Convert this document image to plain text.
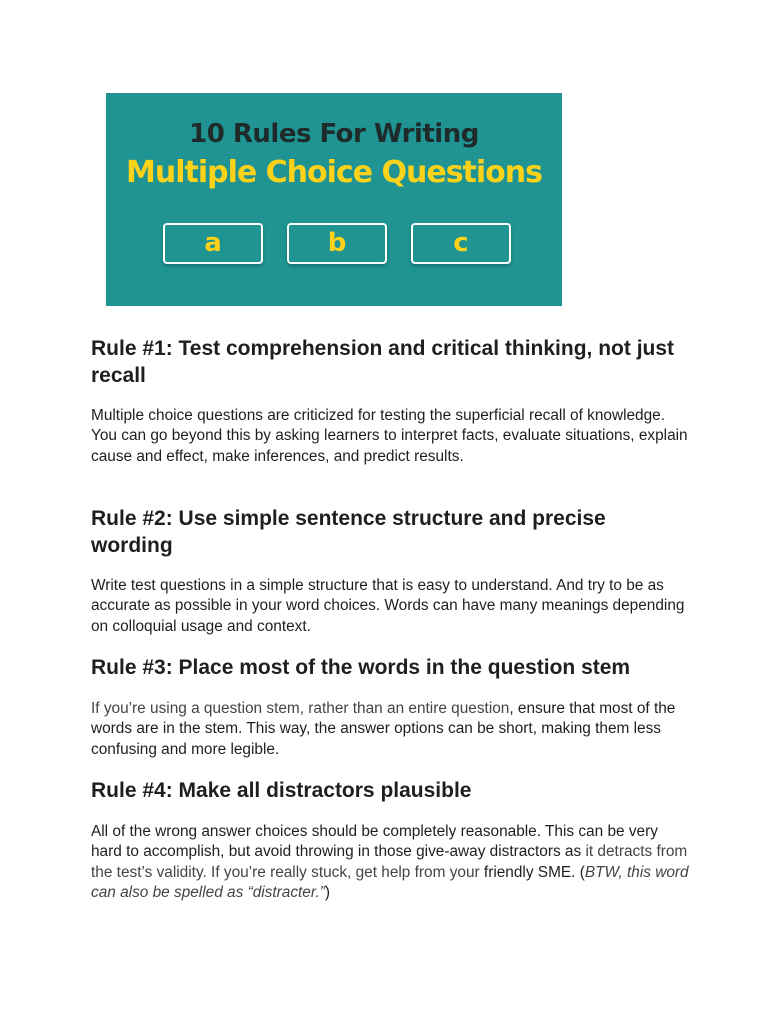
10 Rules For Writing
Multiple Choice Questions
a	b	c
Rule #1: Test comprehension and critical thinking, not just recall
Multiple choice questions are criticized for testing the superficial recall of knowledge. You can go beyond this by asking learners to interpret facts, evaluate situations, explain cause and effect, make inferences, and predict results.
Rule #2: Use simple sentence structure and precise wording
Write test questions in a simple structure that is easy to understand. And try to be as accurate as possible in your word choices. Words can have many meanings depending on colloquial usage and context.
Rule #3: Place most of the words in the question stem
If you’re using a question stem, rather than an entire question, ensure that most of the words are in the stem. This way, the answer options can be short, making them less confusing and more legible.
Rule #4: Make all distractors plausible
All of the wrong answer choices should be completely reasonable. This can be very hard to accomplish, but avoid throwing in those give-away distractors as it detracts from the test’s validity. If you’re really stuck, get help from your friendly SME. (BTW, this word can also be spelled as “distracter.”)
